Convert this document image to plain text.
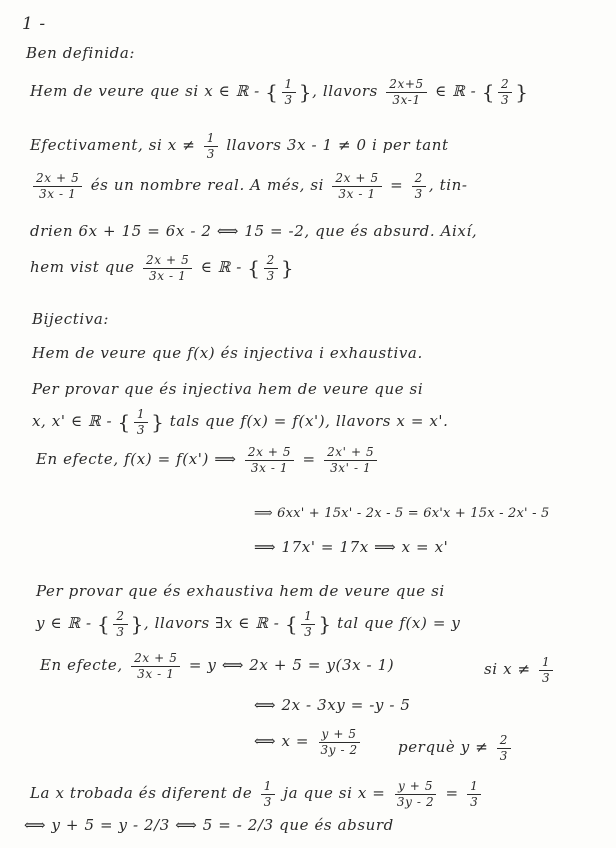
1 -
Ben definida:
Hem de veure que si x ∈ ℝ - { $\frac{1}{3}$ }, llavors $\frac{2x+5}{3x-1}$ ∈ ℝ - { $\frac{2}{3}$ }
Efectivament, si $x \ne \frac{1}{3}$ llavors 3x - 1 ≠ 0 i per tant
$\frac{2x + 5}{3x - 1}$ és un nombre real. A més, si $\frac{2x + 5}{3x - 1} = \frac{2}{3}$ , tin-
drien 6x + 15 = 6x - 2 ⟺ 15 = -2, que és absurd. Així,
hem vist que $\frac{2x + 5}{3x - 1}$ ∈ ℝ - { $\frac{2}{3}$ }
Bijectiva:
Hem de veure que f(x) és injectiva i exhaustiva.
Per provar que és injectiva hem de veure que si
x, x' ∈ ℝ - { $\frac{1}{3}$ } tals que f(x) = f(x'), llavors x = x'.
En efecte, f(x) = f(x') ⟹ $\frac{2x + 5}{3x - 1} = \frac{2x' + 5}{3x' - 1}$
⟹ 6xx' + 15x' - 2x - 5 = 6x'x + 15x - 2x' - 5
⟹ 17x' = 17x ⟹ x = x'
Per provar que és exhaustiva hem de veure que si
y ∈ ℝ - { $\frac{2}{3}$ }, llavors ∃x ∈ ℝ - { $\frac{1}{3}$ } tal que f(x) = y
En efecte, $\frac{2x + 5}{3x - 1} = y$ ⟺ 2x + 5 = y(3x - 1)	si $x \ne \frac{1}{3}$
⟺ 2x - 3xy = -y - 5
⟺ $x = \frac{y + 5}{3y - 2}$ perquè $y \ne \frac{2}{3}$
La x trobada és diferent de $\frac{1}{3}$ ja que si $x = \frac{y + 5}{3y - 2} = \frac{1}{3}$
⟺ y + 5 = y - 2/3 ⟺ 5 = - 2/3 que és absurd
